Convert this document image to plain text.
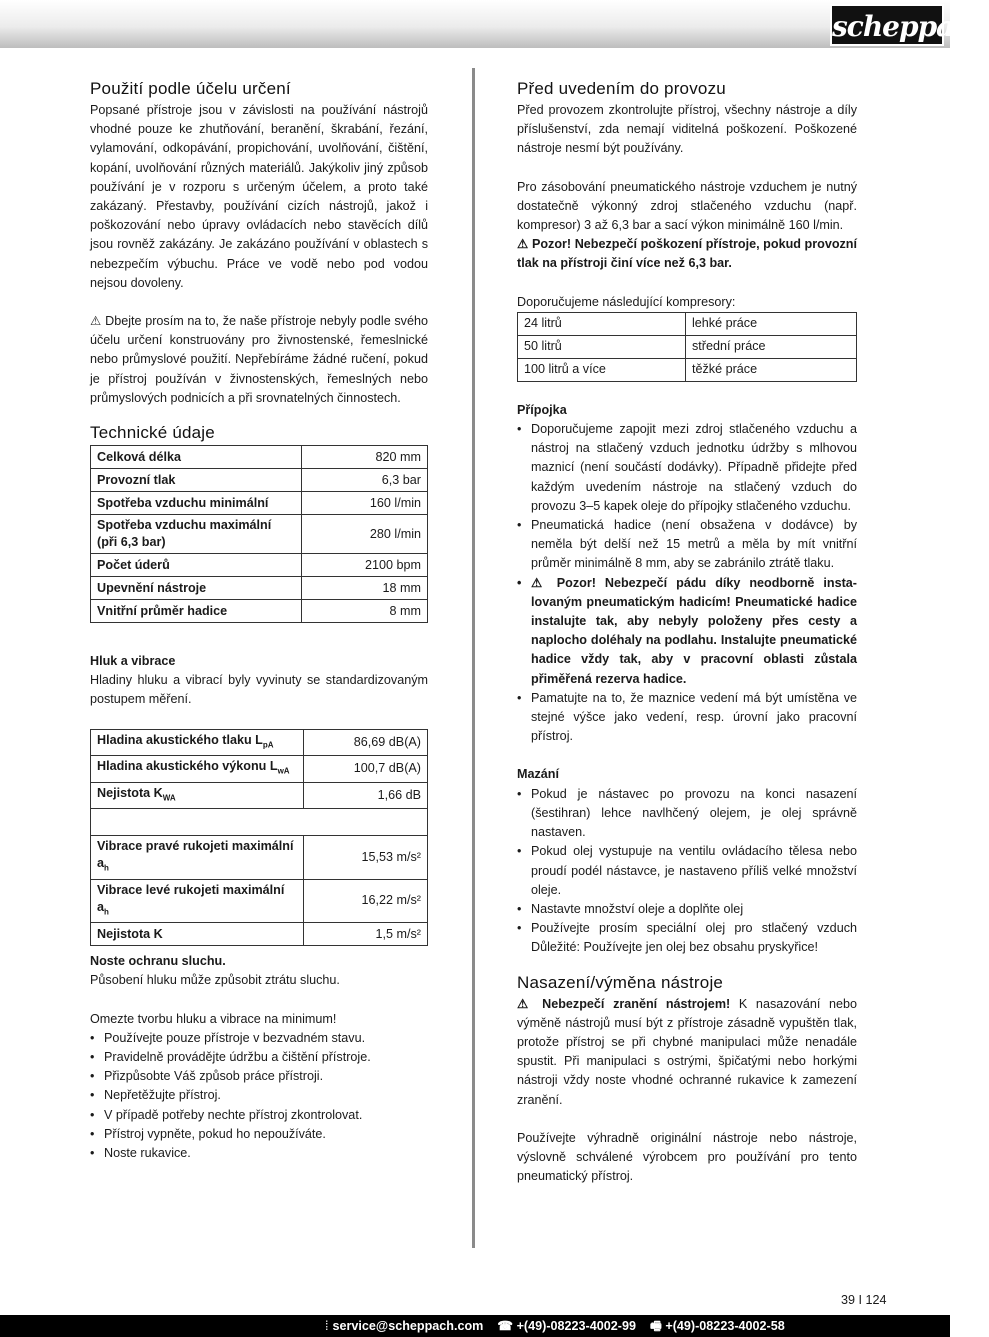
scheppach
Použití podle účelu určení

Popsané přístroje jsou v závislosti na používání nástrojů vhodné pouze ke zhutňování, beranění, škrabání, řezání, vylamování, odkopávání, propichování, uvolňování, čištění, kopání, uvolňování různých materiálů. Jakýkoliv jiný způsob používání je v rozporu s určeným účelem, a proto také zakázaný. Přestavby, používání cizích nástrojů, jakož i poškozování nebo úpravy ovládacích nebo stavěcích dílů jsou rovněž zakázány. Je zakázáno používání v oblastech s nebezpečím výbuchu. Práce ve vodě nebo pod vodou nejsou dovoleny.

⚠ Dbejte prosím na to, že naše přístroje nebyly podle svého účelu určení konstruovány pro živnostenské, řemeslnické nebo průmyslové použití. Nepřebíráme žádné ručení, pokud je přístroj používán v živnostenských, řemeslných nebo průmyslových podnicích a při srovnatelných činnostech.

Technické údaje
Celková délka	820 mm
Provozní tlak	6,3 bar
Spotřeba vzduchu minimální	160 l/min
Spotřeba vzduchu maximální (při 6,3 bar)	280 l/min
Počet úderů	2100 bpm
Upevnění nástroje	18 mm
Vnitřní průměr hadice	8 mm

Hluk a vibrace

Hladiny hluku a vibrací byly vyvinuty se standardizovaným postupem měření.

Hladina akustického tlaku $L_{pA}$	86,69 dB(A)
Hladina akustického výkonu $L_{wA}$	100,7 dB(A)
Nejistota $K_{WA}$	1,66 dB

Vibrace pravé rukojeti maximální $a_h$	15,53 m/s²
Vibrace levé rukojeti maximální $a_h$	16,22 m/s²
Nejistota K	1,5 m/s²

Noste ochranu sluchu.

Působení hluku může způsobit ztrátu sluchu.

Omezte tvorbu hluku a vibrace na minimum!

• Používejte pouze přístroje v bezvadném stavu.
• Pravidelně provádějte údržbu a čištění přístroje.
• Přizpůsobte Váš způsob práce přístroji.
• Nepřetěžujte přístroj.
• V případě potřeby nechte přístroj zkontrolovat.
• Přístroj vypněte, pokud ho nepoužíváte.
• Noste rukavice.
Před uvedením do provozu

Před provozem zkontrolujte přístroj, všechny nástroje a díly příslušenství, zda nemají viditelná poškození. Poškozené nástroje nesmí být používány.

Pro zásobování pneumatického nástroje vzduchem je nutný dostatečně výkonný zdroj stlačeného vzduchu (např. kompresor) 3 až 6,3 bar a sací výkon minimálně 160 l/min.

⚠ Pozor! Nebezpečí poškození přístroje, pokud provozní tlak na přístroji činí více než 6,3 bar.

Doporučujeme následující kompresory:

24 litrů	lehké práce
50 litrů	střední práce
100 litrů a více	těžké práce

Přípojka

• Doporučujeme zapojit mezi zdroj stlačeného vzduchu a nástroj na stlačený vzduch jednotku údržby s mlhovou maznicí (není součástí dodávky). Případně přidejte před každým uvedením nástroje na stlačený vzduch do provozu 3–5 kapek oleje do přípojky stlačeného vzduchu.
• Pneumatická hadice (není obsažena v dodávce) by neměla být delší než 15 metrů a měla by mít vnitřní průměr minimálně 8 mm, aby se zabránilo ztrátě tlaku.
• ⚠ Pozor! Nebezpečí pádu díky neodborně instalovaným pneumatickým hadicím! Pneumatické hadice instalujte tak, aby nebyly položeny přes cesty a naplocho doléhaly na podlahu. Instalujte pneumatické hadice vždy tak, aby v pracovní oblasti zůstala přiměřená rezerva hadice.
• Pamatujte na to, že maznice vedení má být umístěna ve stejné výšce jako vedení, resp. úrovní jako pracovní přístroj.

Mazání

• Pokud je nástavec po provozu na konci nasazení (šestihran) lehce navlhčený olejem, je olej správně nastaven.
• Pokud olej vystupuje na ventilu ovládacího tělesa nebo proudí podél nástavce, je nastaveno příliš velké množství oleje.
• Nastavte množství oleje a doplňte olej
• Používejte prosím speciální olej pro stlačený vzduch Důležité: Používejte jen olej bez obsahu pryskyřice!
Nasazení/výměna nástroje

⚠ Nebezpečí zranění nástrojem! K nasazování nebo výměně nástrojů musí být z přístroje zásadně vypuštěn tlak, protože přístroj se při chybné manipulaci může nenadále spustit. Při manipulaci s ostrými, špičatými nebo horkými nástroji vždy noste vhodné ochranné rukavice k zamezení zranění.

Používejte výhradně originální nástroje nebo nástroje, výslovně schválené výrobcem pro používání pro tento pneumatický přístroj.

39 I 124
⁞ service@scheppach.com ☎ +(49)-08223-4002-99 🖷 +(49)-08223-4002-58
